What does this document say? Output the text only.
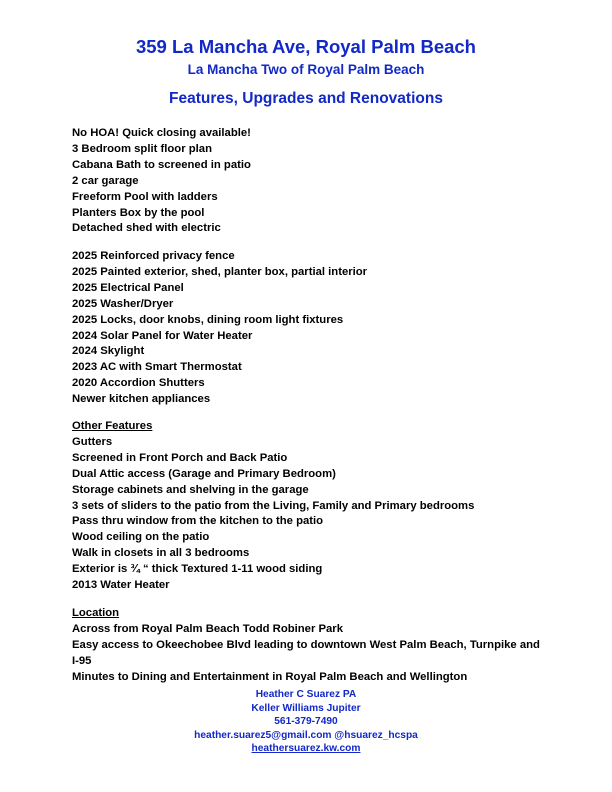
359 La Mancha Ave, Royal Palm Beach
La Mancha Two of Royal Palm Beach
Features, Upgrades and Renovations
No HOA! Quick closing available!
3 Bedroom split floor plan
Cabana Bath to screened in patio
2 car garage
Freeform Pool with ladders
Planters Box by the pool
Detached shed with electric
2025 Reinforced privacy fence
2025 Painted exterior, shed, planter box, partial interior
2025 Electrical Panel
2025 Washer/Dryer
2025 Locks, door knobs, dining room light fixtures
2024 Solar Panel for Water Heater
2024 Skylight
2023 AC with Smart Thermostat
2020 Accordion Shutters
Newer kitchen appliances
Other Features
Gutters
Screened in Front Porch and Back Patio
Dual Attic access (Garage and Primary Bedroom)
Storage cabinets and shelving in the garage
3 sets of sliders to the patio from the Living, Family and Primary bedrooms
Pass thru window from the kitchen to the patio
Wood ceiling on the patio
Walk in closets in all 3 bedrooms
Exterior is ¾ “ thick Textured 1-11 wood siding
2013 Water Heater
Location
Across from Royal Palm Beach Todd Robiner Park
Easy access to Okeechobee Blvd leading to downtown West Palm Beach, Turnpike and I-95
Minutes to Dining and Entertainment in Royal Palm Beach and Wellington
Heather C Suarez PA
Keller Williams Jupiter
561-379-7490
heather.suarez5@gmail.com @hsuarez_hcspa
heathersuarez.kw.com
